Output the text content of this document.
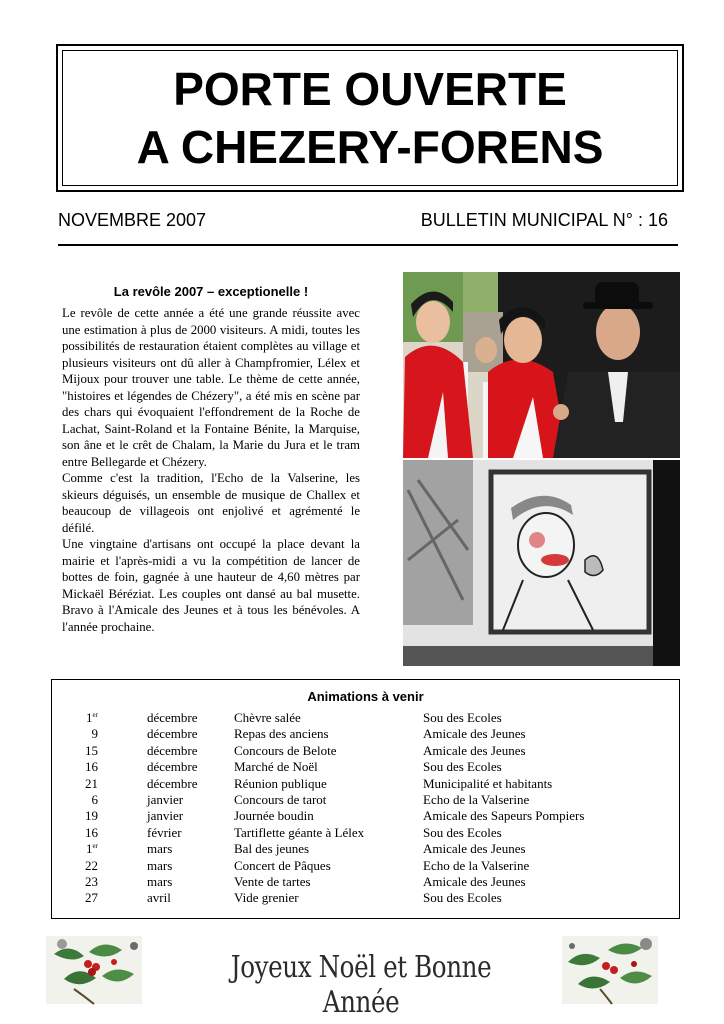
PORTE OUVERTE
A CHEZERY-FORENS
NOVEMBRE 2007	BULLETIN MUNICIPAL N° : 16
La revôle 2007 – exceptionelle !

Le revôle de cette année a été une grande réussite avec une estimation à plus de 2000 visiteurs. A midi, toutes les possibilités de restauration étaient complètes au village et plusieurs visiteurs ont dû aller à Champfromier, Lélex et Mijoux pour trouver une table. Le thème de cette année, "histoires et légendes de Chézery", a été mis en scène par des chars qui évoquaient l'effondrement de la Roche de Lachat, Saint-Roland et la Fontaine Bénite, la Marquise, son âne et le crêt de Chalam, la Marie du Jura et le tram entre Bellegarde et Chézery.

Comme c'est la tradition, l'Echo de la Valserine, les skieurs déguisés, un ensemble de musique de Challex et beaucoup de villageois ont enjolivé et agrémenté le défilé.

Une vingtaine d'artisans ont occupé la place devant la mairie et l'après-midi a vu la compétition de lancer de bottes de foin, gagnée à une hauteur de 4,60 mètres par Mickaël Béréziat. Les couples ont dansé au bal musette. Bravo à l'Amicale des Jeunes et à tous les bénévoles. A l'année prochaine.

Animations à venir
1er	décembre	Chèvre salée	Sou des Ecoles
9	décembre	Repas des anciens	Amicale des Jeunes
15	décembre	Concours de Belote	Amicale des Jeunes
16	décembre	Marché de Noël	Sou des Ecoles
21	décembre	Réunion publique	Municipalité et habitants
6	janvier	Concours de tarot	Echo de la Valserine
19	janvier	Journée boudin	Amicale des Sapeurs Pompiers
16	février	Tartiflette géante à Lélex	Sou des Ecoles
1er	mars	Bal des jeunes	Amicale des Jeunes
22	mars	Concert de Pâques	Echo de la Valserine
23	mars	Vente de tartes	Amicale des Jeunes
27	avril	Vide grenier	Sou des Ecoles
Joyeux Noël et Bonne Année
